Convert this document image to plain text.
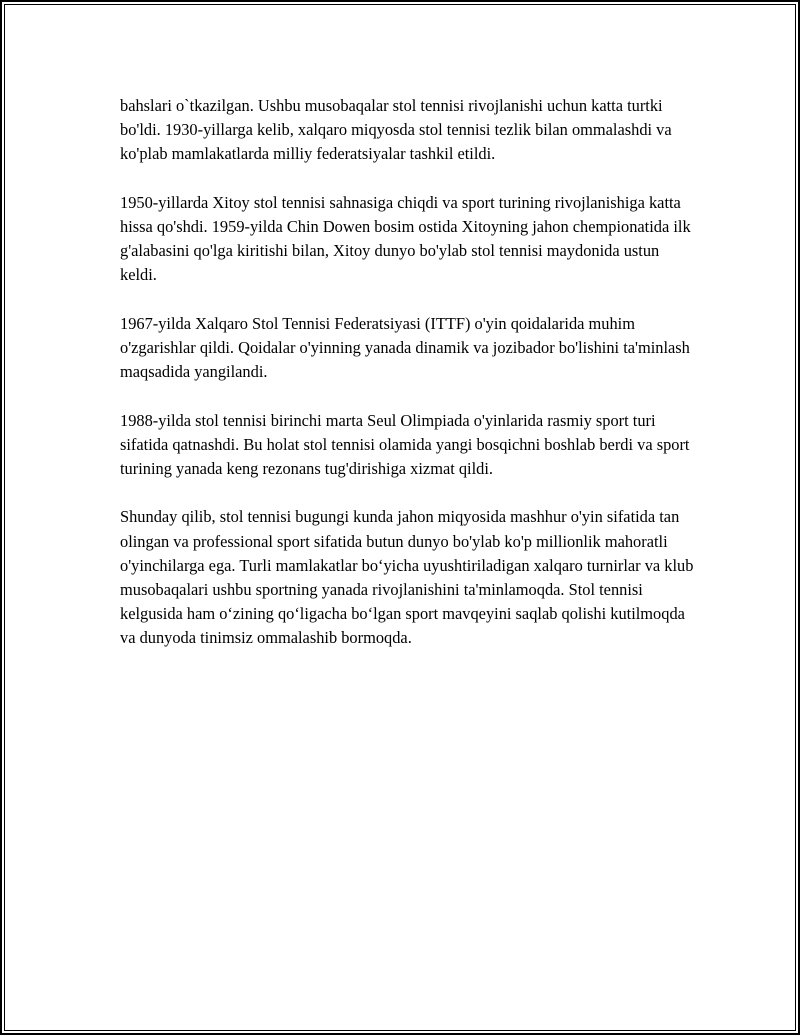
bahslari o`tkazilgan. Ushbu musobaqalar stol tennisi rivojlanishi uchun katta turtki bo'ldi. 1930-yillarga kelib, xalqaro miqyosda stol tennisi tezlik bilan ommalashdi va ko'plab mamlakatlarda milliy federatsiyalar tashkil etildi.

1950-yillarda Xitoy stol tennisi sahnasiga chiqdi va sport turining rivojlanishiga katta hissa qo'shdi. 1959-yilda Chin Dowen bosim ostida Xitoyning jahon chempionatida ilk g'alabasini qo'lga kiritishi bilan, Xitoy dunyo bo'ylab stol tennisi maydonida ustun keldi.

1967-yilda Xalqaro Stol Tennisi Federatsiyasi (ITTF) o'yin qoidalarida muhim o'zgarishlar qildi. Qoidalar o'yinning yanada dinamik va jozibador bo'lishini ta'minlash maqsadida yangilandi.

1988-yilda stol tennisi birinchi marta Seul Olimpiada o'yinlarida rasmiy sport turi sifatida qatnashdi. Bu holat stol tennisi olamida yangi bosqichni boshlab berdi va sport turining yanada keng rezonans tug'dirishiga xizmat qildi.

Shunday qilib, stol tennisi bugungi kunda jahon miqyosida mashhur o'yin sifatida tan olingan va professional sport sifatida butun dunyo bo'ylab ko'p millionlik mahoratli o'yinchilarga ega. Turli mamlakatlar bo‘yicha uyushtiriladigan xalqaro turnirlar va klub musobaqalari ushbu sportning yanada rivojlanishini ta'minlamoqda. Stol tennisi kelgusida ham o‘zining qo‘ligacha bo‘lgan sport mavqeyini saqlab qolishi kutilmoqda va dunyoda tinimsiz ommalashib bormoqda.
